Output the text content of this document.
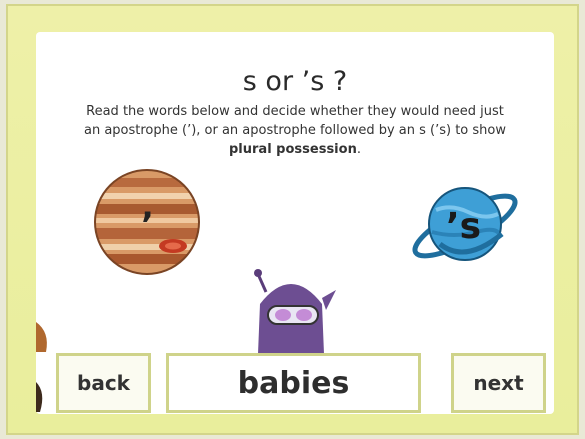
s or ’s ?
Read the words below and decide whether they would need just an apostrophe (’), or an apostrophe followed by an s (’s) to show plural possession.
’	’s
back	babies	next
